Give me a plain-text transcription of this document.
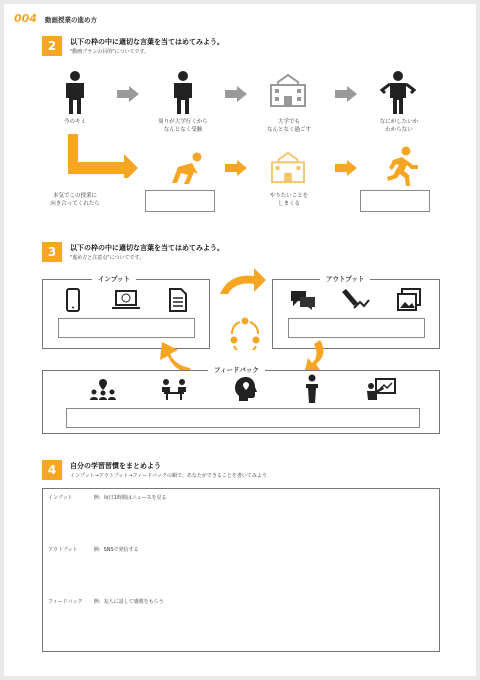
004 動画授業の進め方
2	以下の枠の中に適切な言葉を当てはめてみよう。
"動画プランの目的"についてです。
今のキミ	周りが大学行くから
なんとなく受験
大学でも
なんとなく過ごす
なにがしたいか
わからない
本気でこの授業に
向き合ってくれたら
やりたいことを
しまくる
3	以下の枠の中に適切な言葉を当てはめてみよう。
"進め方と注意点"についてです。
インプット	アウトプット
フィードバック
4	自分の学習習慣をまとめよう
インプット→アウトプット→フィードバックの順で、あなたができることを書いてみよう
インプット	例：毎日1時間はニュースを見る
アウトプット	例：SNSで発信する
フィードバック 例：友人に話して感想をもらう
